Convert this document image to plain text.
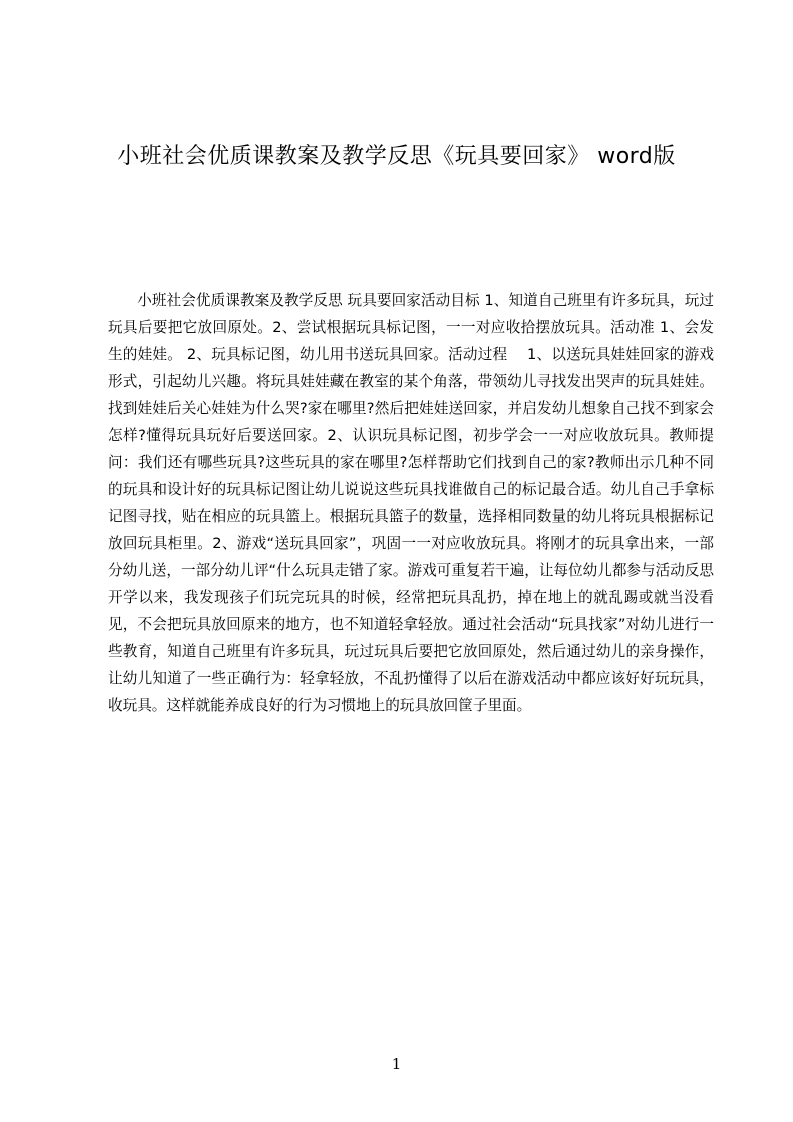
小班社会优质课教案及教学反思《玩具要回家》 word版

小班社会优质课教案及教学反思 玩具要回家活动目标 1、知道自己班里有许多玩具，玩过玩具后要把它放回原处。2、尝试根据玩具标记图，一一对应收拾摆放玩具。活动准 1、会发生的娃娃。 2、玩具标记图，幼儿用书送玩具回家。活动过程　 1、以送玩具娃娃回家的游戏形式，引起幼儿兴趣。将玩具娃娃藏在教室的某个角落，带领幼儿寻找发出哭声的玩具娃娃。找到娃娃后关心娃娃为什么哭?家在哪里?然后把娃娃送回家，并启发幼儿想象自己找不到家会怎样?懂得玩具玩好后要送回家。2、认识玩具标记图，初步学会一一对应收放玩具。教师提问：我们还有哪些玩具?这些玩具的家在哪里?怎样帮助它们找到自己的家?教师出示几种不同的玩具和设计好的玩具标记图让幼儿说说这些玩具找谁做自己的标记最合适。幼儿自己手拿标记图寻找，贴在相应的玩具篮上。根据玩具篮子的数量，选择相同数量的幼儿将玩具根据标记放回玩具柜里。2、游戏“送玩具回家”，巩固一一对应收放玩具。将刚才的玩具拿出来，一部分幼儿送，一部分幼儿评“什么玩具走错了家。游戏可重复若干遍，让每位幼儿都参与活动反思开学以来，我发现孩子们玩完玩具的时候，经常把玩具乱扔，掉在地上的就乱踢或就当没看见，不会把玩具放回原来的地方，也不知道轻拿轻放。通过社会活动“玩具找家”对幼儿进行一些教育，知道自己班里有许多玩具，玩过玩具后要把它放回原处，然后通过幼儿的亲身操作，让幼儿知道了一些正确行为：轻拿轻放，不乱扔懂得了以后在游戏活动中都应该好好玩玩具，收玩具。这样就能养成良好的行为习惯地上的玩具放回筐子里面。

1
